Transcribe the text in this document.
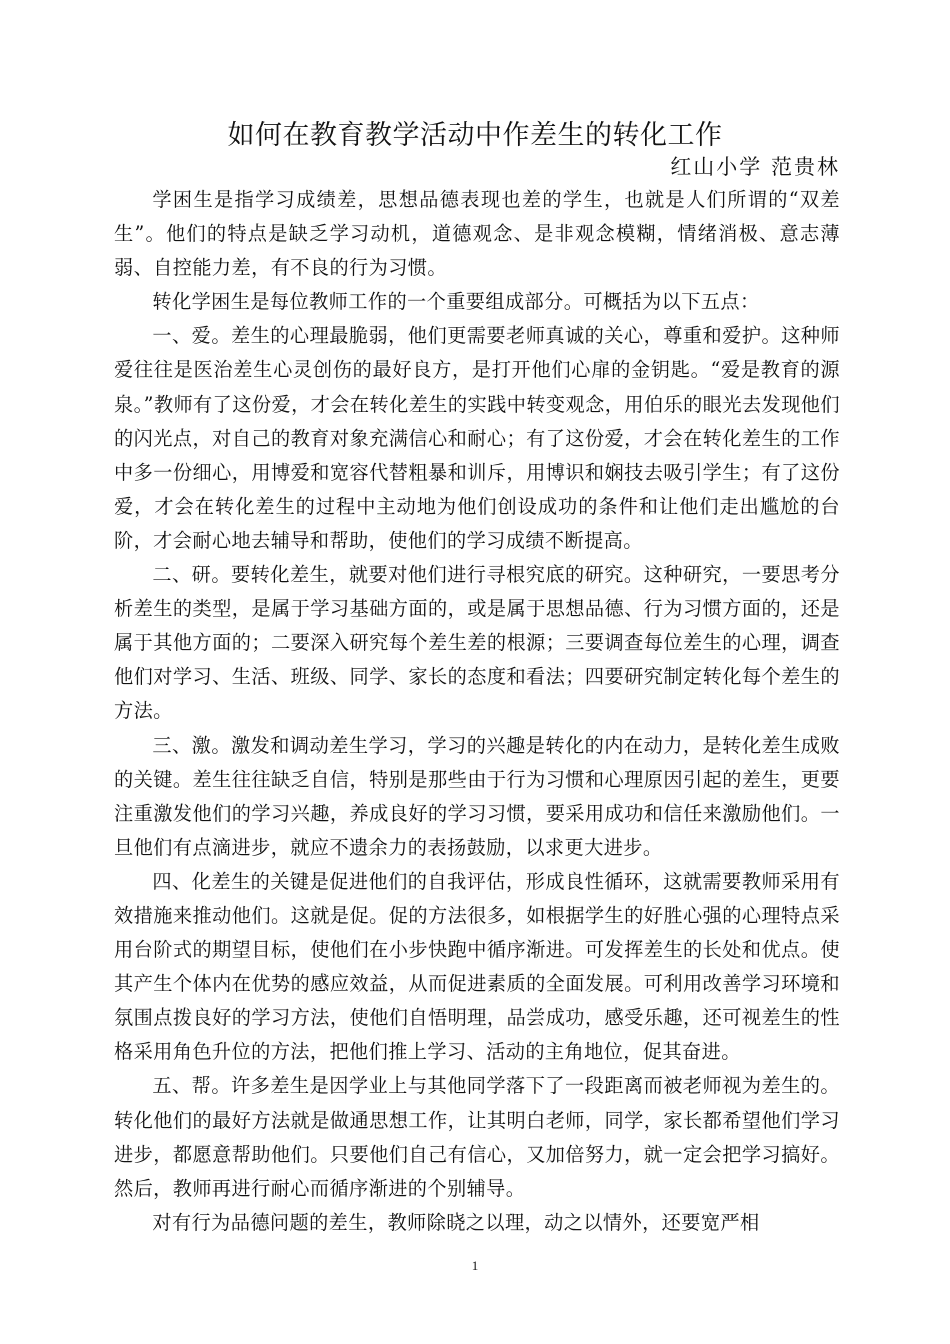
如何在教育教学活动中作差生的转化工作
红山小学 范贵林

学困生是指学习成绩差，思想品德表现也差的学生，也就是人们所谓的“双差生”。他们的特点是缺乏学习动机，道德观念、是非观念模糊，情绪消极、意志薄弱、自控能力差，有不良的行为习惯。

转化学困生是每位教师工作的一个重要组成部分。可概括为以下五点：

一、爱。差生的心理最脆弱，他们更需要老师真诚的关心，尊重和爱护。这种师爱往往是医治差生心灵创伤的最好良方，是打开他们心扉的金钥匙。“爱是教育的源泉。”教师有了这份爱，才会在转化差生的实践中转变观念，用伯乐的眼光去发现他们的闪光点，对自己的教育对象充满信心和耐心；有了这份爱，才会在转化差生的工作中多一份细心，用博爱和宽容代替粗暴和训斥，用博识和娴技去吸引学生；有了这份爱，才会在转化差生的过程中主动地为他们创设成功的条件和让他们走出尴尬的台阶，才会耐心地去辅导和帮助，使他们的学习成绩不断提高。

二、研。要转化差生，就要对他们进行寻根究底的研究。这种研究，一要思考分析差生的类型，是属于学习基础方面的，或是属于思想品德、行为习惯方面的，还是属于其他方面的；二要深入研究每个差生差的根源；三要调查每位差生的心理，调查他们对学习、生活、班级、同学、家长的态度和看法；四要研究制定转化每个差生的方法。

三、激。激发和调动差生学习，学习的兴趣是转化的内在动力，是转化差生成败的关键。差生往往缺乏自信，特别是那些由于行为习惯和心理原因引起的差生，更要注重激发他们的学习兴趣，养成良好的学习习惯，要采用成功和信任来激励他们。一旦他们有点滴进步，就应不遗余力的表扬鼓励，以求更大进步。

四、化差生的关键是促进他们的自我评估，形成良性循环，这就需要教师采用有效措施来推动他们。这就是促。促的方法很多，如根据学生的好胜心强的心理特点采用台阶式的期望目标，使他们在小步快跑中循序渐进。可发挥差生的长处和优点。使其产生个体内在优势的感应效益，从而促进素质的全面发展。可利用改善学习环境和氛围点拨良好的学习方法，使他们自悟明理，品尝成功，感受乐趣，还可视差生的性格采用角色升位的方法，把他们推上学习、活动的主角地位，促其奋进。

五、帮。许多差生是因学业上与其他同学落下了一段距离而被老师视为差生的。转化他们的最好方法就是做通思想工作，让其明白老师，同学，家长都希望他们学习进步，都愿意帮助他们。只要他们自己有信心，又加倍努力，就一定会把学习搞好。然后，教师再进行耐心而循序渐进的个别辅导。

对有行为品德问题的差生，教师除晓之以理，动之以情外，还要宽严相

1
